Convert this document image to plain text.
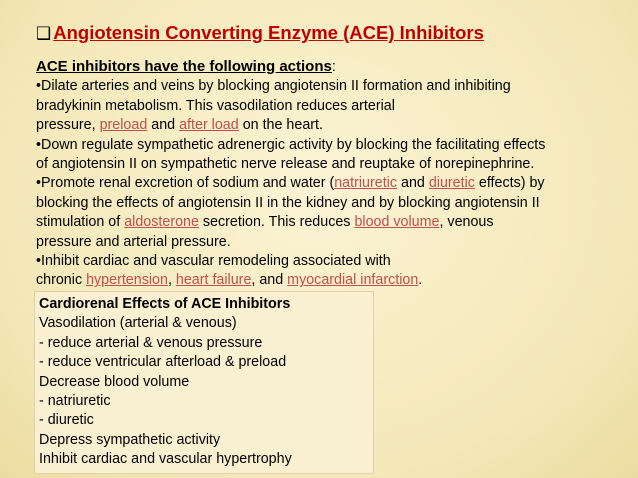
❑ Angiotensin Converting Enzyme (ACE) Inhibitors

ACE inhibitors have the following actions:

•Dilate arteries and veins by blocking angiotensin II formation and inhibiting
bradykinin metabolism. This vasodilation reduces arterial
pressure, preload and after load on the heart.

•Down regulate sympathetic adrenergic activity by blocking the facilitating effects
of angiotensin II on sympathetic nerve release and reuptake of norepinephrine.

•Promote renal excretion of sodium and water (natriuretic and diuretic effects) by
blocking the effects of angiotensin II in the kidney and by blocking angiotensin II
stimulation of aldosterone secretion. This reduces blood volume, venous
pressure and arterial pressure.

•Inhibit cardiac and vascular remodeling associated with
chronic hypertension, heart failure, and myocardial infarction.

Cardiorenal Effects of ACE Inhibitors
Vasodilation (arterial & venous)
- reduce arterial & venous pressure
- reduce ventricular afterload & preload
Decrease blood volume
- natriuretic
- diuretic
Depress sympathetic activity
Inhibit cardiac and vascular hypertrophy
